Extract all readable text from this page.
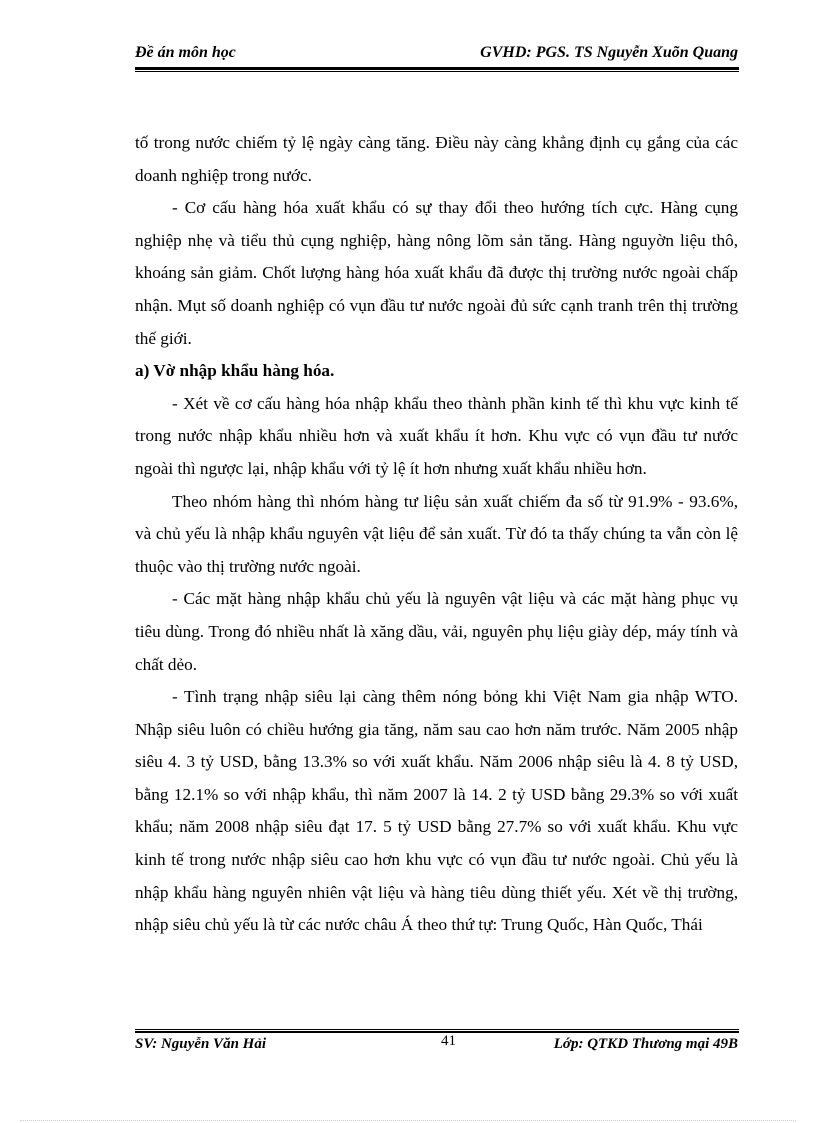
Đề án môn học	GVHD: PGS. TS Nguyễn Xuõn Quang

tố trong nước chiếm tỷ lệ ngày càng tăng. Điều này càng khẳng định cụ gắng của các doanh nghiệp trong nước.

- Cơ cấu hàng hóa xuất khẩu có sự thay đổi theo hướng tích cực. Hàng cụng nghiệp nhẹ và tiểu thủ cụng nghiệp, hàng nông lõm sản tăng. Hàng nguyờn liệu thô, khoáng sản giảm. Chốt lượng hàng hóa xuất khẩu đã được thị trường nước ngoài chấp nhận. Mụt số doanh nghiệp có vụn đầu tư nước ngoài đủ sức cạnh tranh trên thị trường thế giới.

a) Vờ nhập khẩu hàng hóa.

- Xét về cơ cấu hàng hóa nhập khẩu theo thành phần kinh tế thì khu vực kinh tế trong nước nhập khẩu nhiều hơn và xuất khẩu ít hơn. Khu vực có vụn đầu tư nước ngoài thì ngược lại, nhập khẩu với tỷ lệ ít hơn nhưng xuất khẩu nhiều hơn.

Theo nhóm hàng thì nhóm hàng tư liệu sản xuất chiếm đa số từ 91.9% - 93.6%, và chủ yếu là nhập khẩu nguyên vật liệu để sản xuất. Từ đó ta thấy chúng ta vẫn còn lệ thuộc vào thị trường nước ngoài.

- Các mặt hàng nhập khẩu chủ yếu là nguyên vật liệu và các mặt hàng phục vụ tiêu dùng. Trong đó nhiều nhất là xăng dầu, vải, nguyên phụ liệu giày dép, máy tính và chất dẻo.

- Tình trạng nhập siêu lại càng thêm nóng bỏng khi Việt Nam gia nhập WTO. Nhập siêu luôn có chiều hướng gia tăng, năm sau cao hơn năm trước. Năm 2005 nhập siêu 4. 3 tỷ USD, bằng 13.3% so với xuất khẩu. Năm 2006 nhập siêu là 4. 8 tỷ USD, bằng 12.1% so với nhập khẩu, thì năm 2007 là 14. 2 tỷ USD bằng 29.3% so với xuất khẩu; năm 2008 nhập siêu đạt 17. 5 tỷ USD bằng 27.7% so với xuất khẩu. Khu vực kinh tế trong nước nhập siêu cao hơn khu vực có vụn đầu tư nước ngoài. Chủ yếu là nhập khẩu hàng nguyên nhiên vật liệu và hàng tiêu dùng thiết yếu. Xét về thị trường, nhập siêu chủ yếu là từ các nước châu Á theo thứ tự: Trung Quốc, Hàn Quốc, Thái

SV: Nguyễn Văn Hải	41	Lớp: QTKD Thương mại 49B
